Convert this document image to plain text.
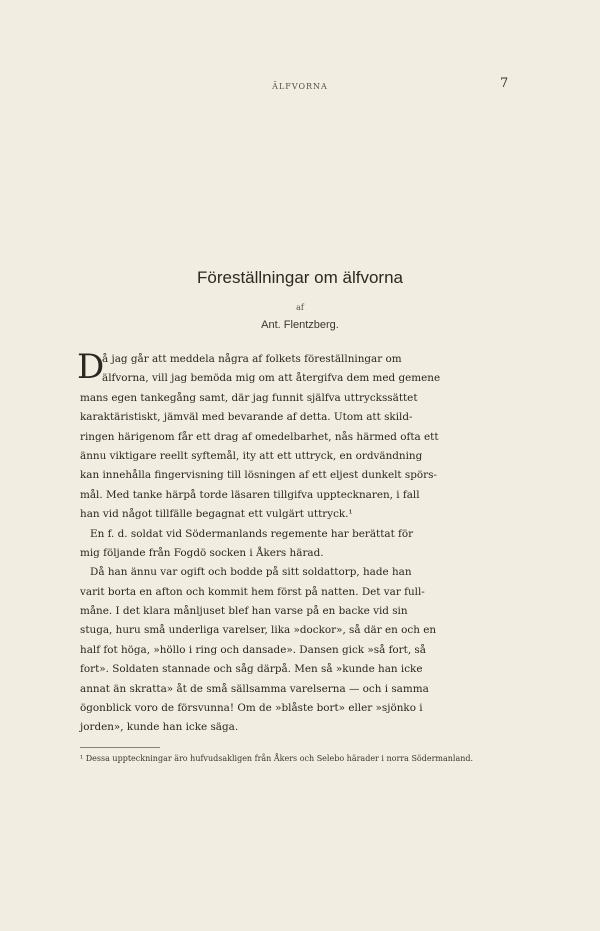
ÄLFVORNA	7
Föreställningar om älfvorna
af
Ant. Flentzberg.
D
å jag går att meddela några af folkets föreställningar om
älfvorna, vill jag bemöda mig om att återgifva dem med gemene
mans egen tankegång samt, där jag funnit själfva uttryckssättet
karaktäristiskt, jämväl med bevarande af detta. Utom att skild-
ringen härigenom får ett drag af omedelbarhet, nås härmed ofta ett
ännu viktigare reellt syftemål, ity att ett uttryck, en ordvändning
kan innehålla fingervisning till lösningen af ett eljest dunkelt spörs-
mål. Med tanke härpå torde läsaren tillgifva upptecknaren, i fall
han vid något tillfälle begagnat ett vulgärt uttryck.¹
En f. d. soldat vid Södermanlands regemente har berättat för
mig följande från Fogdö socken i Åkers härad.
Då han ännu var ogift och bodde på sitt soldattorp, hade han
varit borta en afton och kommit hem först på natten. Det var full-
måne. I det klara månljuset blef han varse på en backe vid sin
stuga, huru små underliga varelser, lika »dockor», så där en och en
half fot höga, »höllo i ring och dansade». Dansen gick »så fort, så
fort». Soldaten stannade och såg därpå. Men så »kunde han icke
annat än skratta» åt de små sällsamma varelserna — och i samma
ögonblick voro de försvunna! Om de »blåste bort» eller »sjönko i
jorden», kunde han icke säga.
¹ Dessa uppteckningar äro hufvudsakligen från Åkers och Selebo härader i norra Södermanland.
